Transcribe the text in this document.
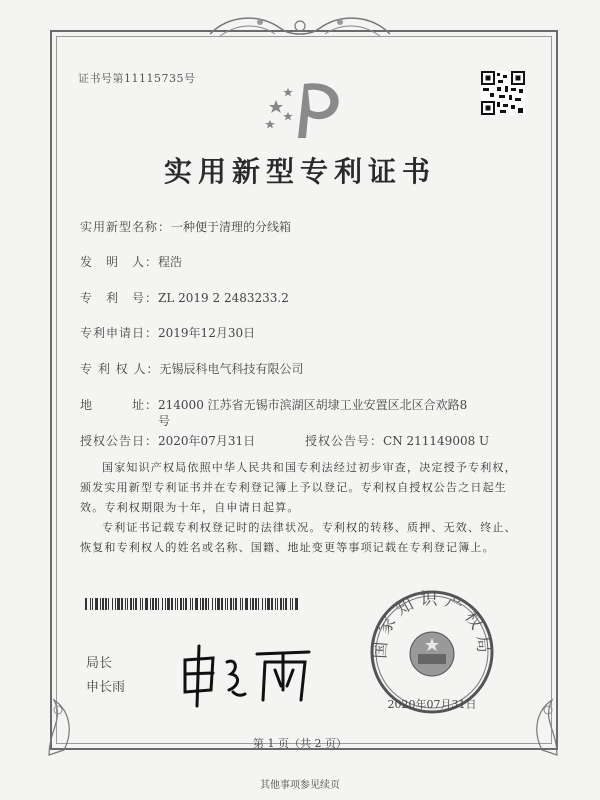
证书号第11115735号
实用新型专利证书
实用新型名称：一种便于清理的分线箱
发　明　人：程浩
专　利　号：ZL 2019 2 2483233.2
专利申请日：2019年12月30日
专 利 权 人：无锡辰科电气科技有限公司
地　　　址：214000 江苏省无锡市滨湖区胡埭工业安置区北区合欢路8
号
授权公告日：2020年07月31日	授权公告号：CN 211149008 U
国家知识产权局依照中华人民共和国专利法经过初步审查，决定授予专利权，颁发实用新型专利证书并在专利登记簿上予以登记。专利权自授权公告之日起生效。专利权期限为十年，自申请日起算。
专利证书记载专利权登记时的法律状况。专利权的转移、质押、无效、终止、恢复和专利权人的姓名或名称、国籍、地址变更等事项记载在专利登记簿上。
局长
申长雨
国家知识产权局
2020年07月31日
第 1 页（共 2 页）
其他事项参见续页
